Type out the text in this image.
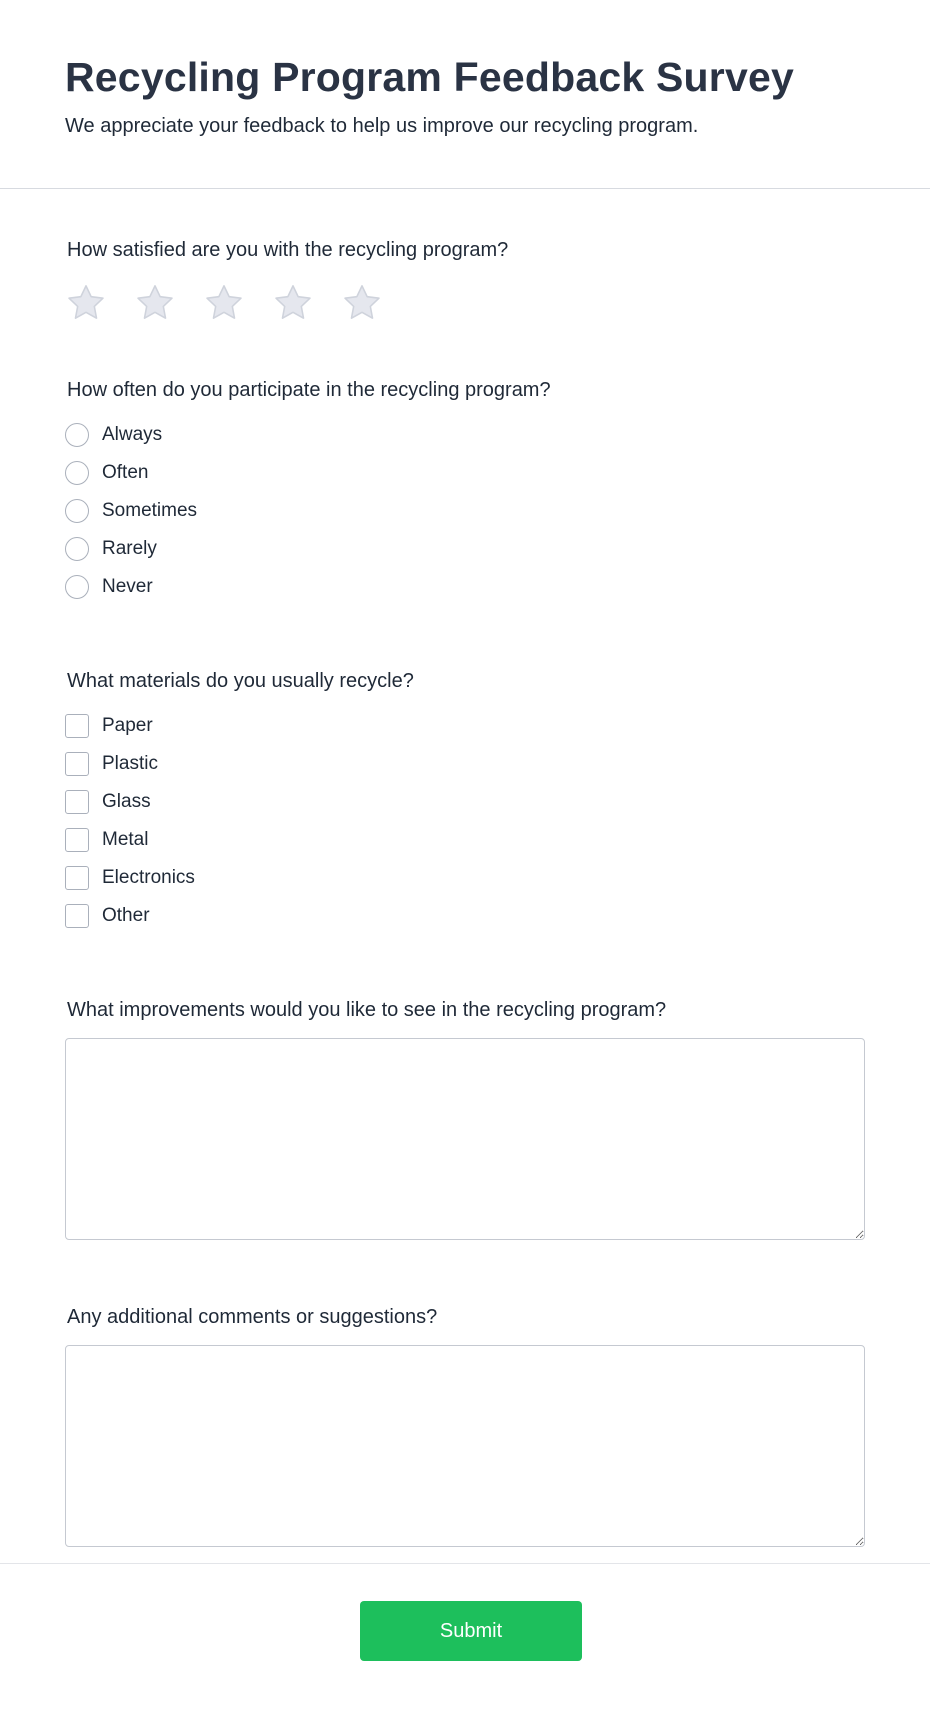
Recycling Program Feedback Survey

We appreciate your feedback to help us improve our recycling program.

How satisfied are you with the recycling program?
How often do you participate in the recycling program?
Always
Often
Sometimes
Rarely
Never
What materials do you usually recycle?
Paper
Plastic
Glass
Metal
Electronics
Other
What improvements would you like to see in the recycling program?
Any additional comments or suggestions?
Submit
